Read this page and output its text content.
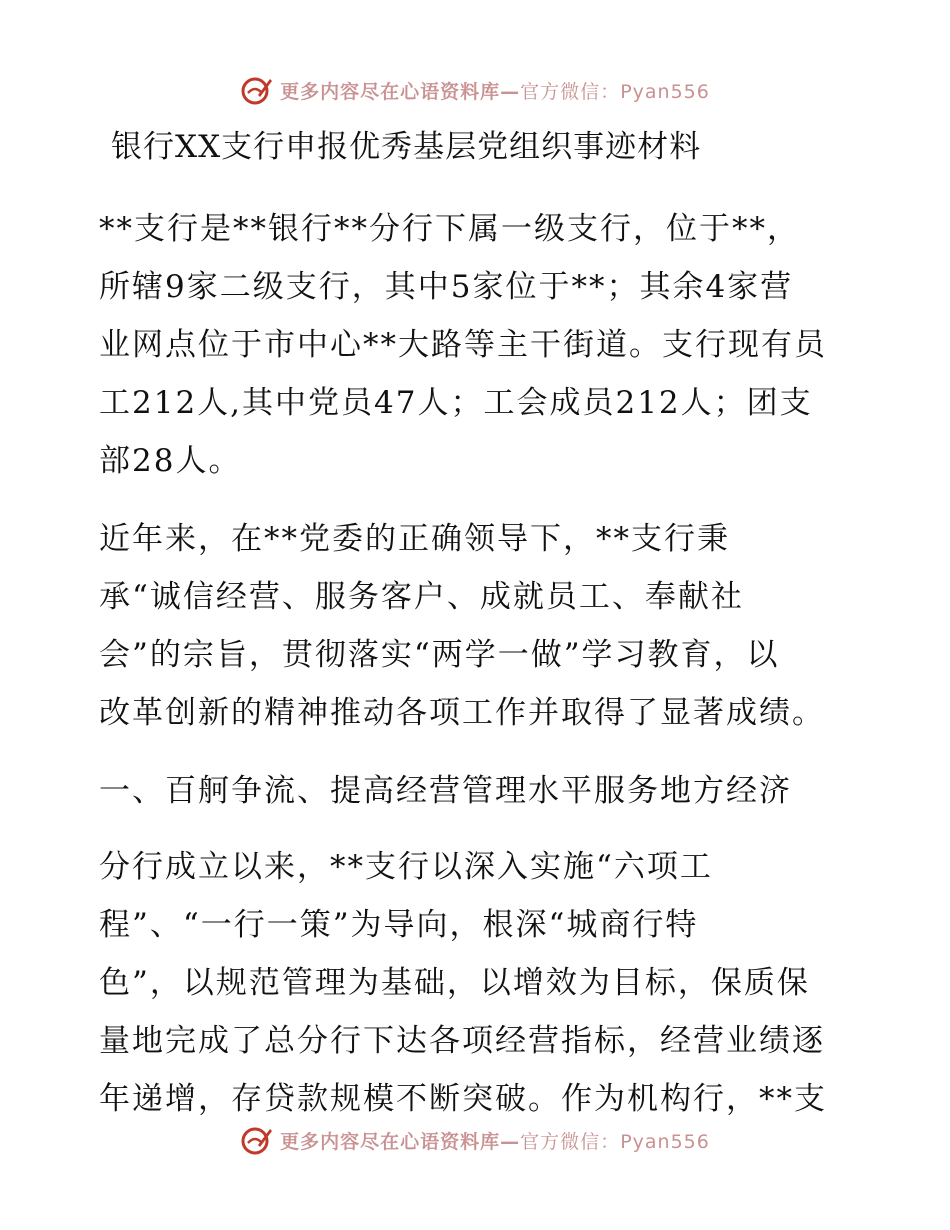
更多内容尽在心语资料库—官方微信：Pyan556
银行XX支行申报优秀基层党组织事迹材料

**支行是**银行**分行下属一级支行，位于**，
所辖9家二级支行，其中5家位于**；其余4家营
业网点位于市中心**大路等主干街道。支行现有员
工212人,其中党员47人；工会成员212人；团支
部28人。

近年来，在**党委的正确领导下，**支行秉
承“诚信经营、服务客户、成就员工、奉献社
会”的宗旨，贯彻落实“两学一做”学习教育，以
改革创新的精神推动各项工作并取得了显著成绩。

一、百舸争流、提高经营管理水平服务地方经济

分行成立以来，**支行以深入实施“六项工
程”、“一行一策”为导向，根深“城商行特
色”，以规范管理为基础，以增效为目标，保质保
量地完成了总分行下达各项经营指标，经营业绩逐
年递增，存贷款规模不断突破。作为机构行，**支

更多内容尽在心语资料库—官方微信：Pyan556
